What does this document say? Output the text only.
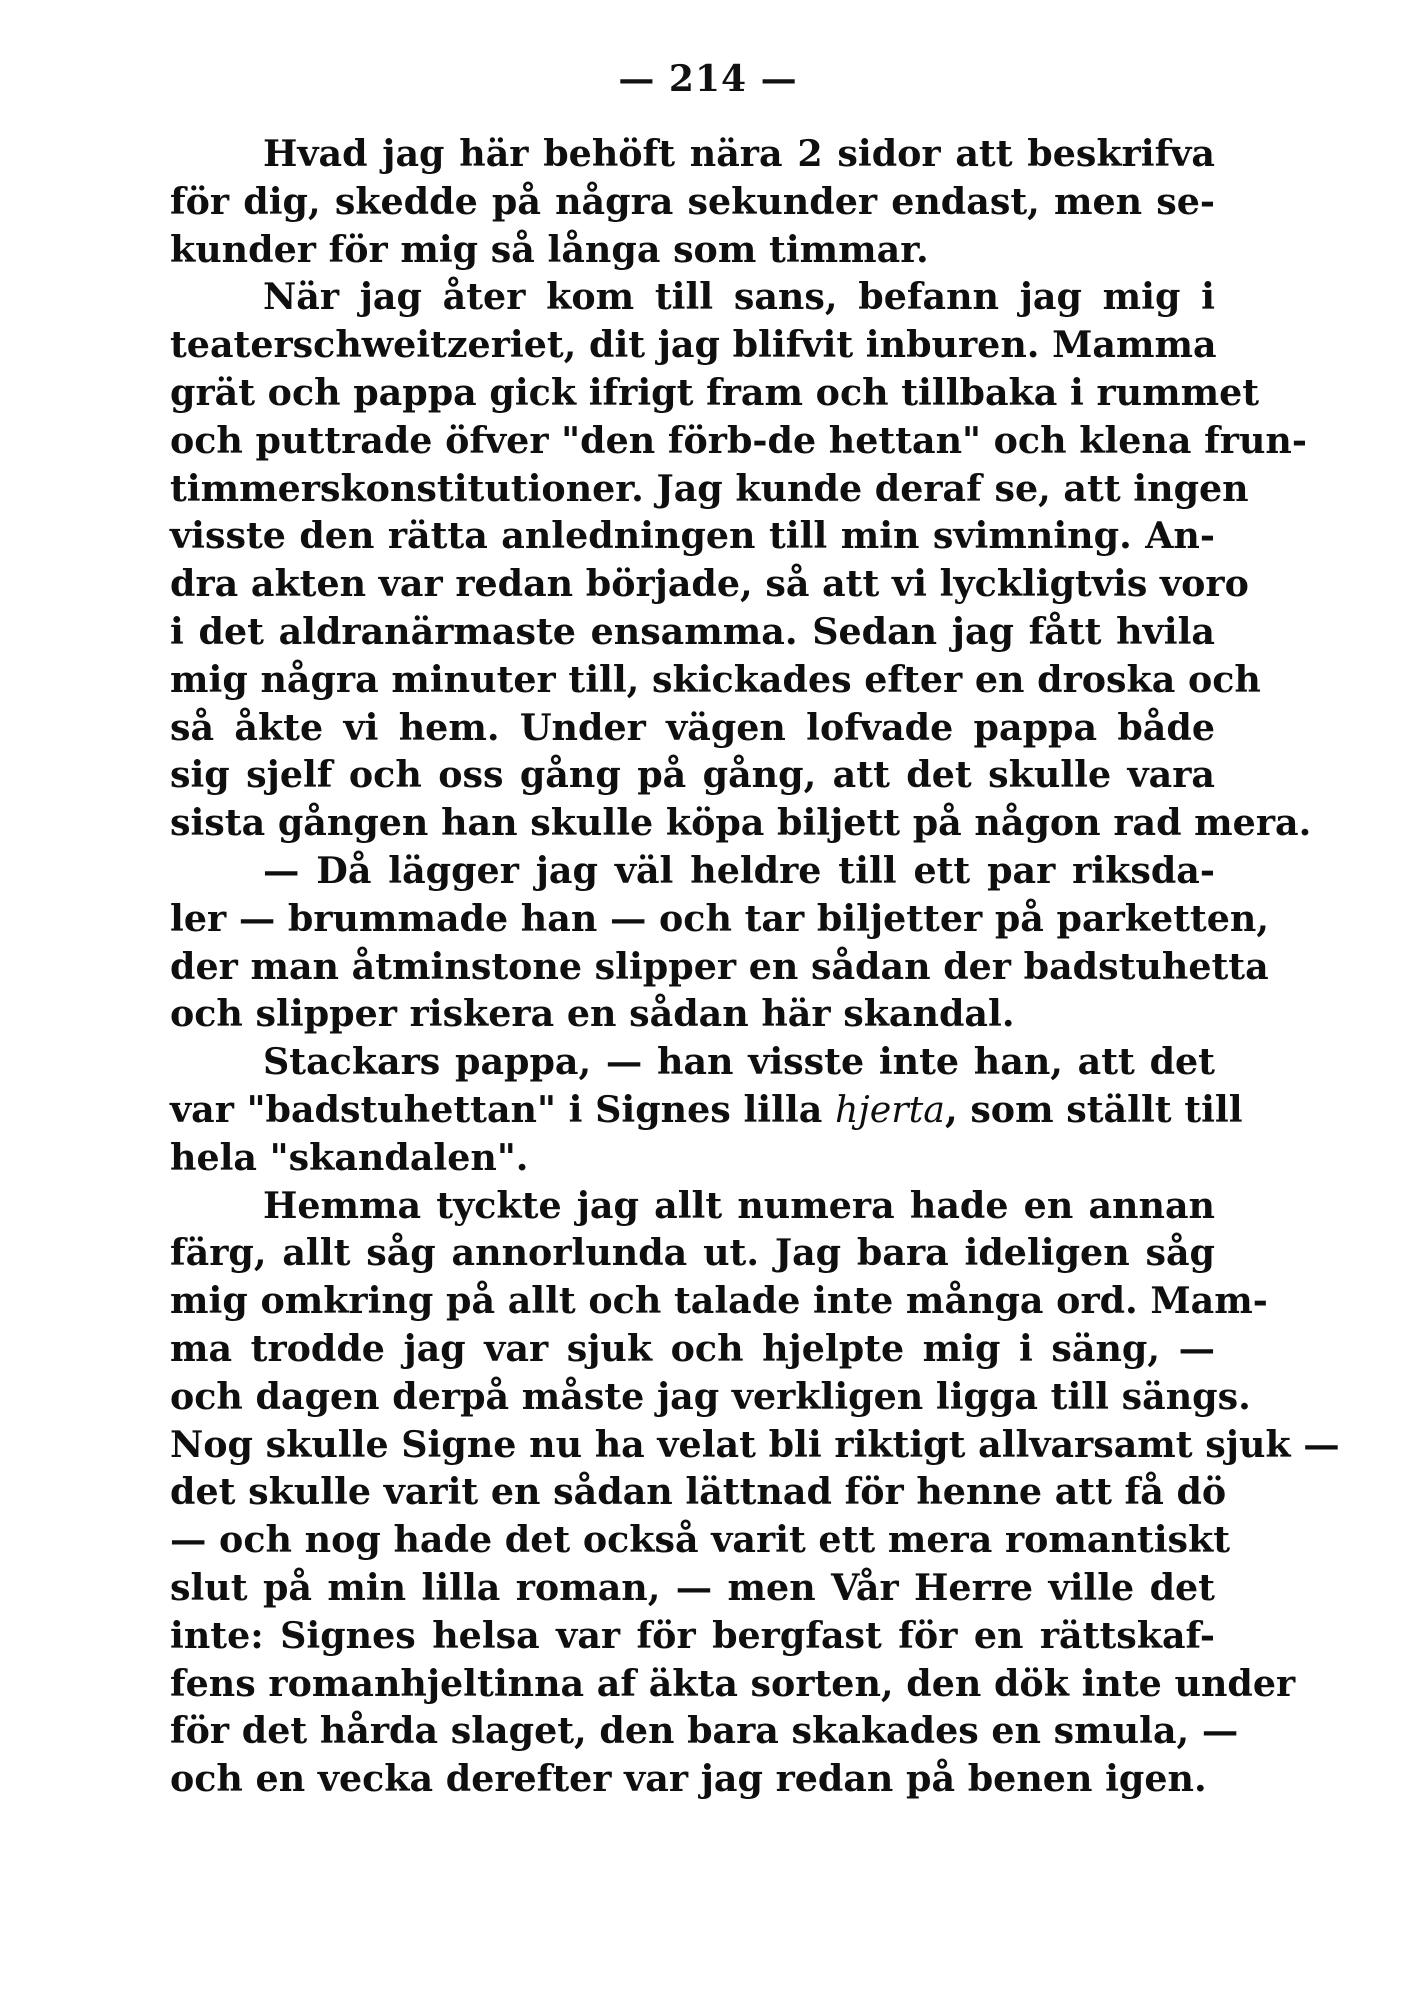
— 214 —
Hvad jag här behöft nära 2 sidor att beskrifva
för dig, skedde på några sekunder endast, men se-
kunder för mig så långa som timmar.
När jag åter kom till sans, befann jag mig i
teaterschweitzeriet, dit jag blifvit inburen. Mamma
grät och pappa gick ifrigt fram och tillbaka i rummet
och puttrade öfver "den förb-de hettan" och klena frun-
timmerskonstitutioner. Jag kunde deraf se, att ingen
visste den rätta anledningen till min svimning. An-
dra akten var redan började, så att vi lyckligtvis voro
i det aldranärmaste ensamma. Sedan jag fått hvila
mig några minuter till, skickades efter en droska och
så åkte vi hem. Under vägen lofvade pappa både
sig sjelf och oss gång på gång, att det skulle vara
sista gången han skulle köpa biljett på någon rad mera.
— Då lägger jag väl heldre till ett par riksda-
ler — brummade han — och tar biljetter på parketten,
der man åtminstone slipper en sådan der badstuhetta
och slipper riskera en sådan här skandal.
Stackars pappa, — han visste inte han, att det
var "badstuhettan" i Signes lilla hjerta, som ställt till
hela "skandalen".
Hemma tyckte jag allt numera hade en annan
färg, allt såg annorlunda ut. Jag bara ideligen såg
mig omkring på allt och talade inte många ord. Mam-
ma trodde jag var sjuk och hjelpte mig i säng, —
och dagen derpå måste jag verkligen ligga till sängs.
Nog skulle Signe nu ha velat bli riktigt allvarsamt sjuk —
det skulle varit en sådan lättnad för henne att få dö
— och nog hade det också varit ett mera romantiskt
slut på min lilla roman, — men Vår Herre ville det
inte: Signes helsa var för bergfast för en rättskaf-
fens romanhjeltinna af äkta sorten, den dök inte under
för det hårda slaget, den bara skakades en smula, —
och en vecka derefter var jag redan på benen igen.
